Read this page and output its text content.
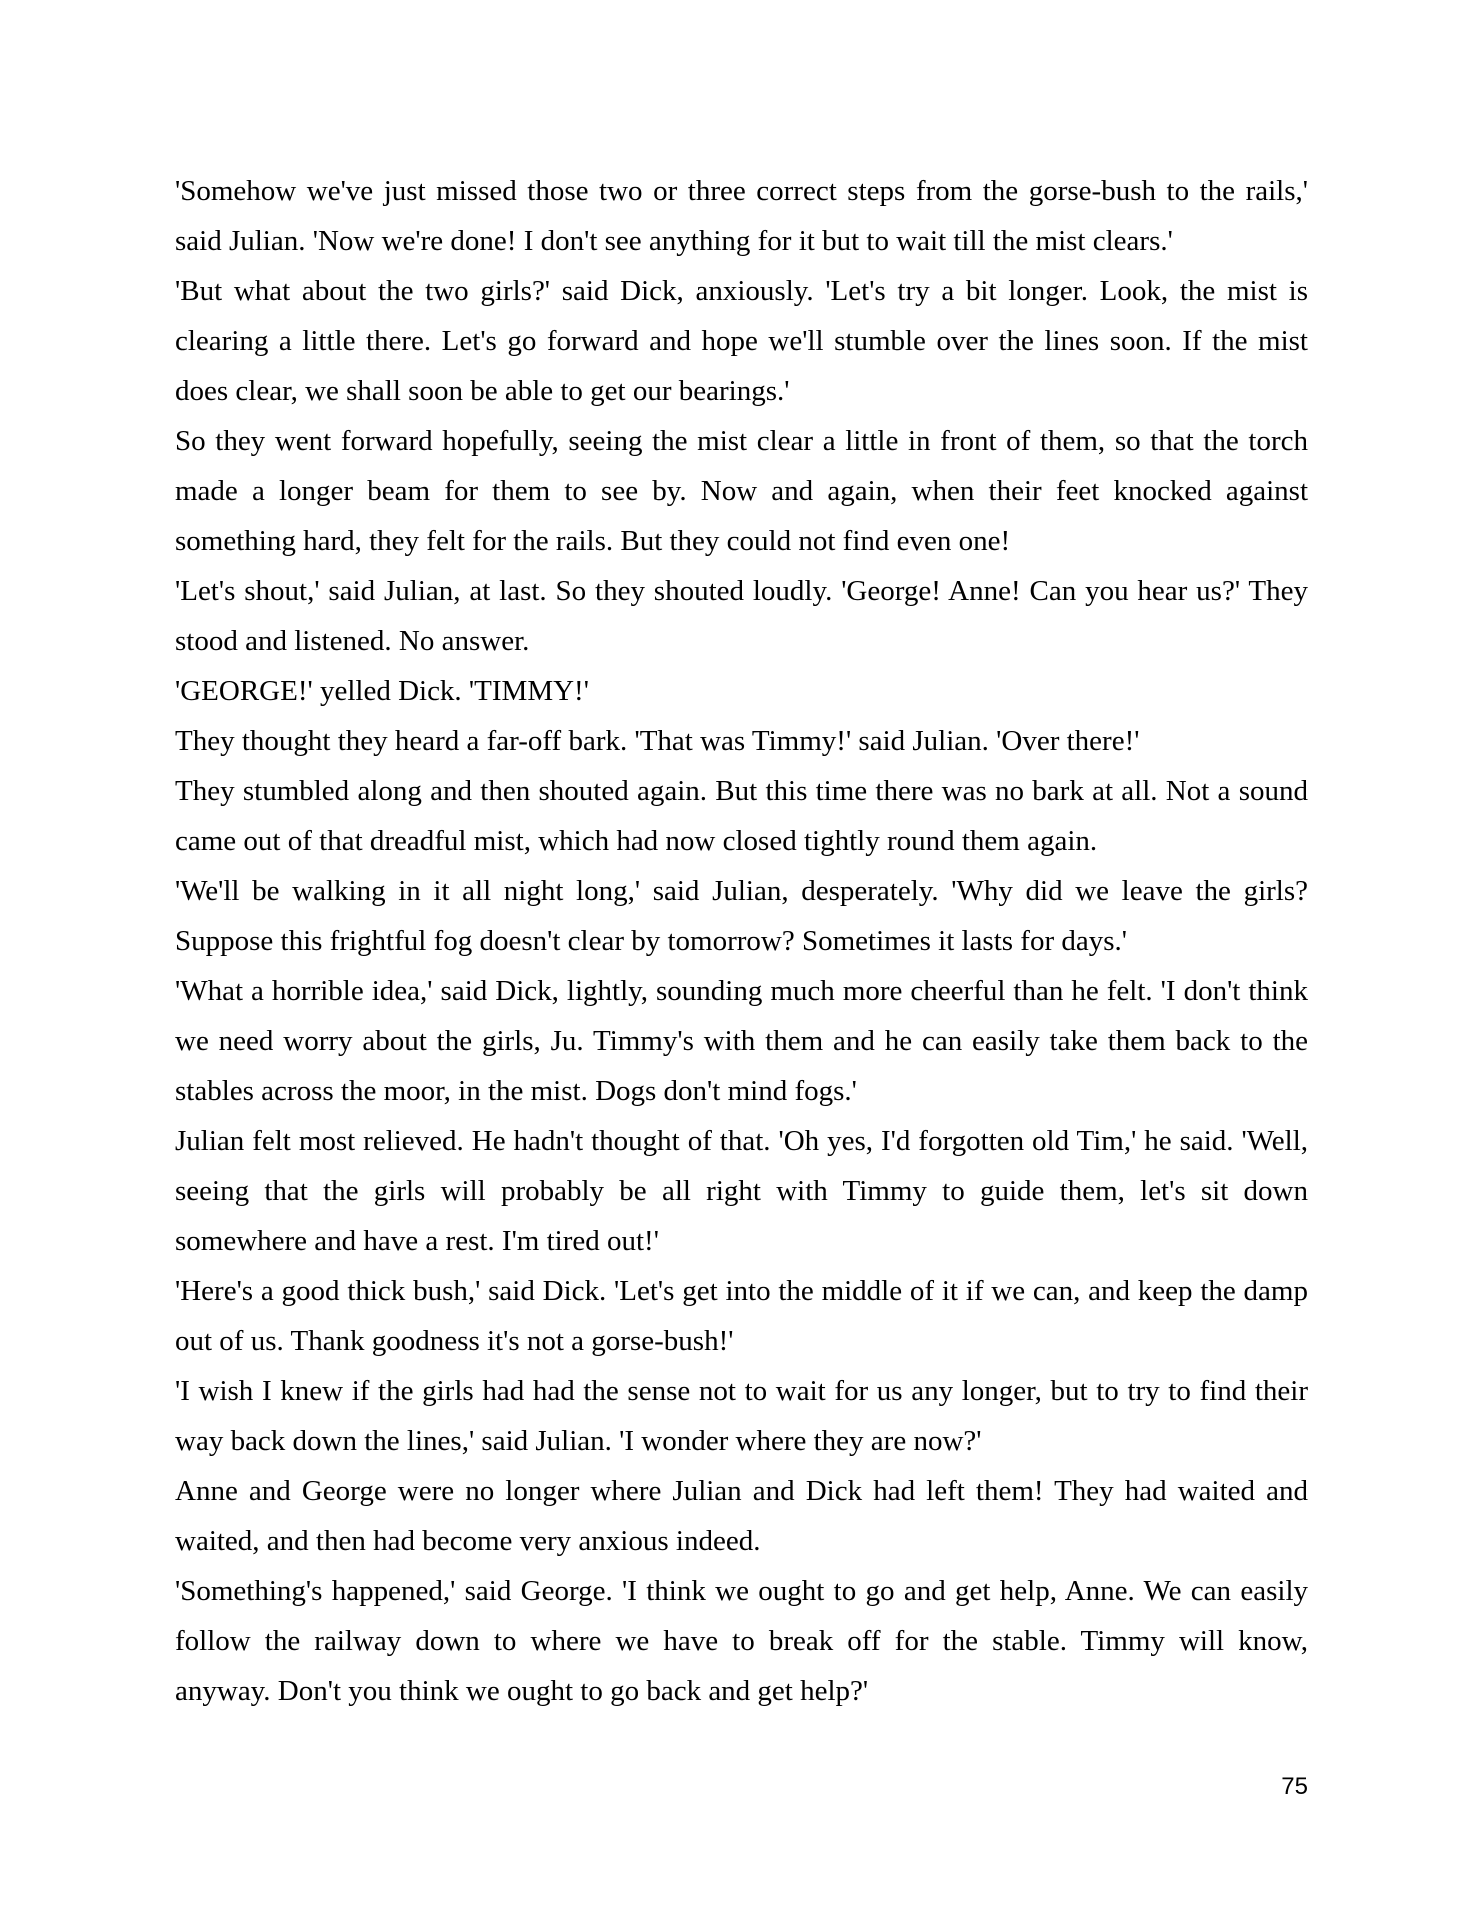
'Somehow we've just missed those two or three correct steps from the gorse-bush to the rails,'
said Julian. 'Now we're done! I don't see anything for it but to wait till the mist clears.'
'But what about the two girls?' said Dick, anxiously. 'Let's try a bit longer. Look, the mist is
clearing a little there. Let's go forward and hope we'll stumble over the lines soon. If the mist
does clear, we shall soon be able to get our bearings.'
So they went forward hopefully, seeing the mist clear a little in front of them, so that the torch
made a longer beam for them to see by. Now and again, when their feet knocked against
something hard, they felt for the rails. But they could not find even one!
'Let's shout,' said Julian, at last. So they shouted loudly. 'George! Anne! Can you hear us?' They
stood and listened. No answer.
'GEORGE!' yelled Dick. 'TIMMY!'
They thought they heard a far-off bark. 'That was Timmy!' said Julian. 'Over there!'
They stumbled along and then shouted again. But this time there was no bark at all. Not a sound
came out of that dreadful mist, which had now closed tightly round them again.
'We'll be walking in it all night long,' said Julian, desperately. 'Why did we leave the girls?
Suppose this frightful fog doesn't clear by tomorrow? Sometimes it lasts for days.'
'What a horrible idea,' said Dick, lightly, sounding much more cheerful than he felt. 'I don't think
we need worry about the girls, Ju. Timmy's with them and he can easily take them back to the
stables across the moor, in the mist. Dogs don't mind fogs.'
Julian felt most relieved. He hadn't thought of that. 'Oh yes, I'd forgotten old Tim,' he said. 'Well,
seeing that the girls will probably be all right with Timmy to guide them, let's sit down
somewhere and have a rest. I'm tired out!'
'Here's a good thick bush,' said Dick. 'Let's get into the middle of it if we can, and keep the damp
out of us. Thank goodness it's not a gorse-bush!'
'I wish I knew if the girls had had the sense not to wait for us any longer, but to try to find their
way back down the lines,' said Julian. 'I wonder where they are now?'
Anne and George were no longer where Julian and Dick had left them! They had waited and
waited, and then had become very anxious indeed.
'Something's happened,' said George. 'I think we ought to go and get help, Anne. We can easily
follow the railway down to where we have to break off for the stable. Timmy will know,
anyway. Don't you think we ought to go back and get help?'
75
